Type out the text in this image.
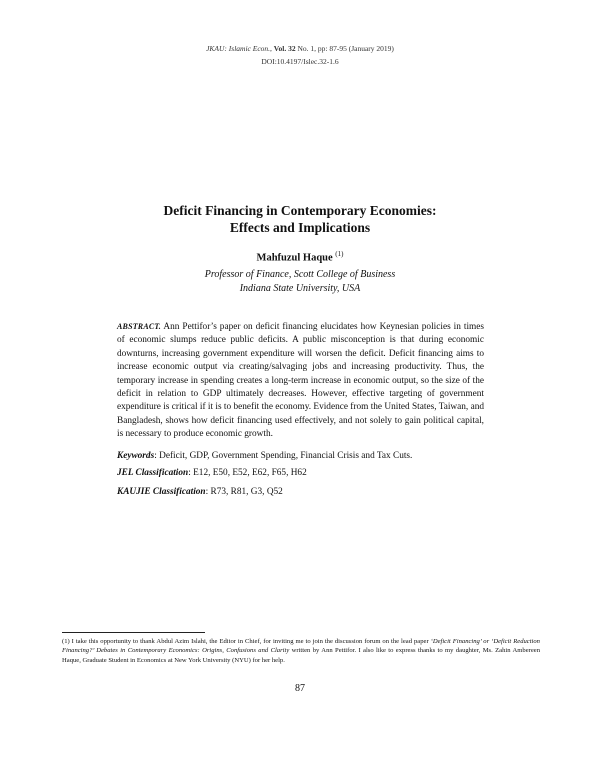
JKAU: Islamic Econ., Vol. 32 No. 1, pp: 87-95 (January 2019)
DOI:10.4197/Islec.32-1.6
Deficit Financing in Contemporary Economies:
Effects and Implications
Mahfuzul Haque $^{(1)}$
Professor of Finance, Scott College of Business
Indiana State University, USA
ABSTRACT. Ann Pettifor’s paper on deficit financing elucidates how Keynesian policies in times of economic slumps reduce public deficits. A public misconception is that during economic downturns, increasing government expenditure will worsen the deficit. Deficit financing aims to increase economic output via creating/salvaging jobs and increasing productivity. Thus, the temporary increase in spending creates a long-term increase in economic output, so the size of the deficit in relation to GDP ultimately decreases. However, effective targeting of government expenditure is critical if it is to benefit the economy. Evidence from the United States, Taiwan, and Bangladesh, shows how deficit financing used effectively, and not solely to gain political capital, is necessary to produce economic growth.
Keywords: Deficit, GDP, Government Spending, Financial Crisis and Tax Cuts.
JEL Classification: E12, E50, E52, E62, F65, H62
KAUJIE Classification: R73, R81, G3, Q52
(1) I take this opportunity to thank Abdul Azim Islahi, the Editor in Chief, for inviting me to join the discussion forum on the lead paper ‘Deficit Financing’ or ‘Deficit Reduction Financing?’ Debates in Contemporary Economics: Origins, Confusions and Clarity written by Ann Pettifor. I also like to express thanks to my daughter, Ms. Zahin Ambereen Haque, Graduate Student in Economics at New York University (NYU) for her help.
87
